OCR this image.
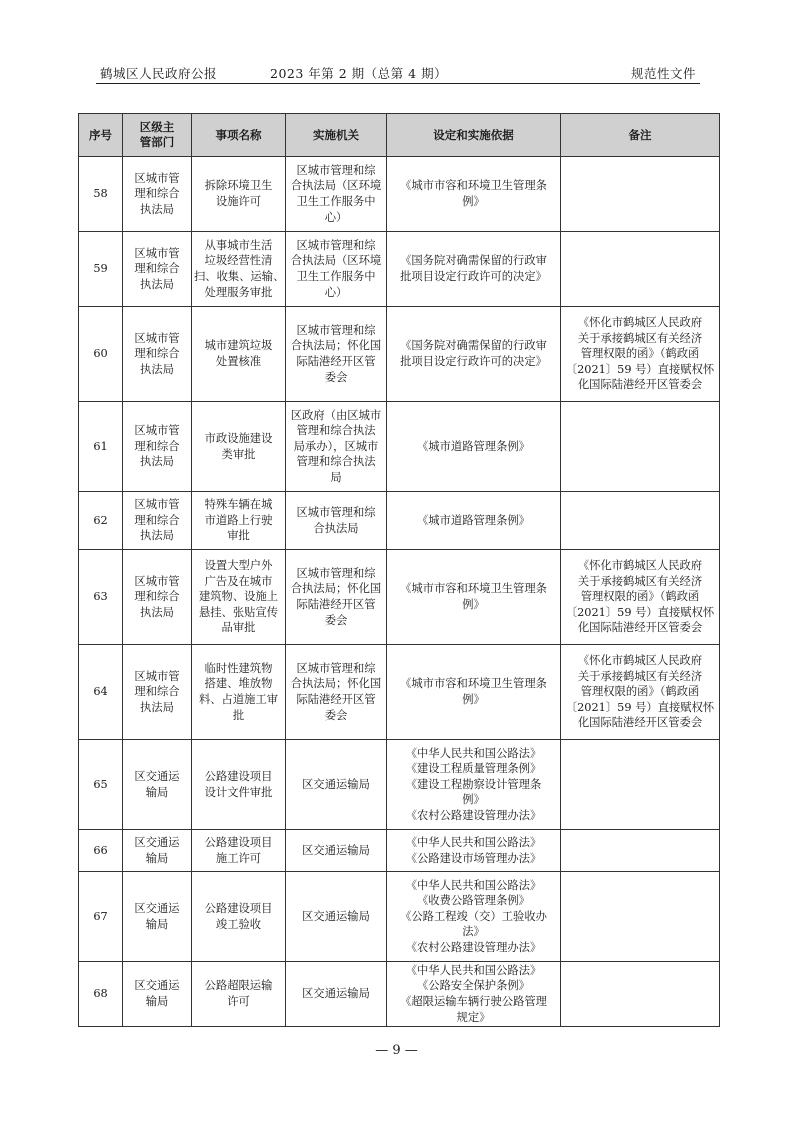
鹤城区人民政府公报	2023 年第 2 期（总第 4 期）	规范性文件
序号	区级主管部门	事项名称	实施机关	设定和实施依据	备注
58	区城市管
理和综合
执法局	拆除环境卫生
设施许可	区城市管理和综
合执法局（区环境
卫生工作服务中
心）	《城市市容和环境卫生管理条
例》	

59	区城市管
理和综合
执法局	从事城市生活
垃圾经营性清
扫、收集、运输、
处理服务审批	区城市管理和综
合执法局（区环境
卫生工作服务中
心）	《国务院对确需保留的行政审
批项目设定行政许可的决定》	

60	区城市管
理和综合
执法局	城市建筑垃圾
处置核准	区城市管理和综
合执法局；怀化国
际陆港经开区管
委会	《国务院对确需保留的行政审
批项目设定行政许可的决定》	《怀化市鹤城区人民政府
关于承接鹤城区有关经济
管理权限的函》（鹤政函
〔2021〕59 号）直接赋权怀
化国际陆港经开区管委会

61	区城市管
理和综合
执法局	市政设施建设
类审批	区政府（由区城市
管理和综合执法
局承办），区城市
管理和综合执法
局	《城市道路管理条例》	

62	区城市管
理和综合
执法局	特殊车辆在城
市道路上行驶
审批	区城市管理和综
合执法局	《城市道路管理条例》	

63	区城市管
理和综合
执法局	设置大型户外
广告及在城市
建筑物、设施上
悬挂、张贴宣传
品审批	区城市管理和综
合执法局；怀化国
际陆港经开区管
委会	《城市市容和环境卫生管理条
例》	《怀化市鹤城区人民政府
关于承接鹤城区有关经济
管理权限的函》（鹤政函
〔2021〕59 号）直接赋权怀
化国际陆港经开区管委会

64	区城市管
理和综合
执法局	临时性建筑物
搭建、堆放物
料、占道施工审
批	区城市管理和综
合执法局；怀化国
际陆港经开区管
委会	《城市市容和环境卫生管理条
例》	《怀化市鹤城区人民政府
关于承接鹤城区有关经济
管理权限的函》（鹤政函
〔2021〕59 号）直接赋权怀
化国际陆港经开区管委会

65	区交通运
输局	公路建设项目
设计文件审批	区交通运输局	《中华人民共和国公路法》
《建设工程质量管理条例》
《建设工程勘察设计管理条
例》
《农村公路建设管理办法》	

66	区交通运
输局	公路建设项目
施工许可	区交通运输局	《中华人民共和国公路法》
《公路建设市场管理办法》	

67	区交通运
输局	公路建设项目
竣工验收	区交通运输局	《中华人民共和国公路法》
《收费公路管理条例》
《公路工程竣（交）工验收办
法》
《农村公路建设管理办法》	

68	区交通运
输局	公路超限运输
许可	区交通运输局	《中华人民共和国公路法》
《公路安全保护条例》
《超限运输车辆行驶公路管理
规定》	

— 9 —
